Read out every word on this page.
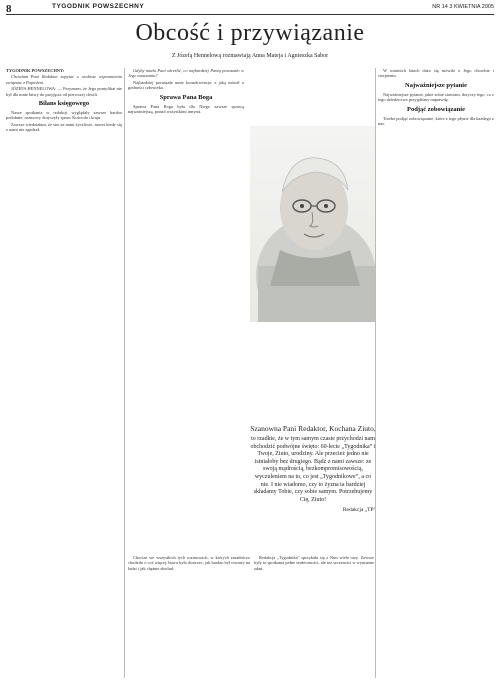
8	TYGODNIK POWSZECHNY	NR 14 3 KWIETNIA 2005
Obcość i przywiązanie
Z Józefą Hennelową rozmawiają Anna Mateja i Agnieszka Sabor

TYGODNIK POWSZECHNY:

Chciałam Pani Redaktor zapytać o osobiste wspomnienia związane z Papieżem.

JÓZEFA HENNELOWA: — Przyznam, że Jego pontyfikat nie był dla mnie łatwy do przyjęcia od pierwszej chwili.

Bilans księgowego

Nasze spotkania w redakcji wyglądały zawsze bardzo podobnie, rozmowy dotyczyły spraw Kościoła i kraju.

Zawsze wiedziałam, że stoi za nami życzliwie, nawet kiedy się z nami nie zgadzał.

Gdyby miała Pani określić, co najbardziej Panią poruszało w Jego nauczaniu?

Najbardziej poruszała mnie konsekwencja, z jaką mówił o godności człowieka.

Sprawa Pana Boga

Sprawa Pana Boga była dla Niego zawsze sprawą najważniejszą, ponad wszystkimi innymi.

Szanowna Pani Redaktor, Kochana Ziuto,
to rzadkie, że w tym samym czasie przychodzi nam obchodzić podwójne święto: 60-lecie „Tygodnika” i Twoje, Ziuto, urodziny. Ale przecież jedno nie istniałoby bez drugiego. Bądź z nami zawsze: ze swoją mądrością, bezkompromisowością, wyczuleniem na to, co jest „Tygodnikowe”, a co nie. I nie wiadomo, czy to żyzna ta bardziej składamy Tobie, czy sobie samym. Potrzebujemy Cię, Ziuto!
Redakcja „TP”

Chociaż we wszystkich tych rozmowach, w których zasadniczo chodziło o coś więcej, łatwo było dostrzec, jak bardzo był otwarty na ludzi i jak chętnie słuchał.

Redakcja „Tygodnika” spotykała się z Nim wiele razy. Zawsze były to spotkania pełne serdeczności, ale też szczerości w wymianie zdań.

W ostatnich latach dużo się mówiło o Jego chorobie i cierpieniu.

Najważniejsze pytanie

Najważniejsze pytanie, jakie sobie stawiam, dotyczy tego, co z tego dziedzictwa przyjęliśmy naprawdę.

Podjąć zobowiązanie

Trzeba podjąć zobowiązanie, które z tego płynie dla każdego z nas.
